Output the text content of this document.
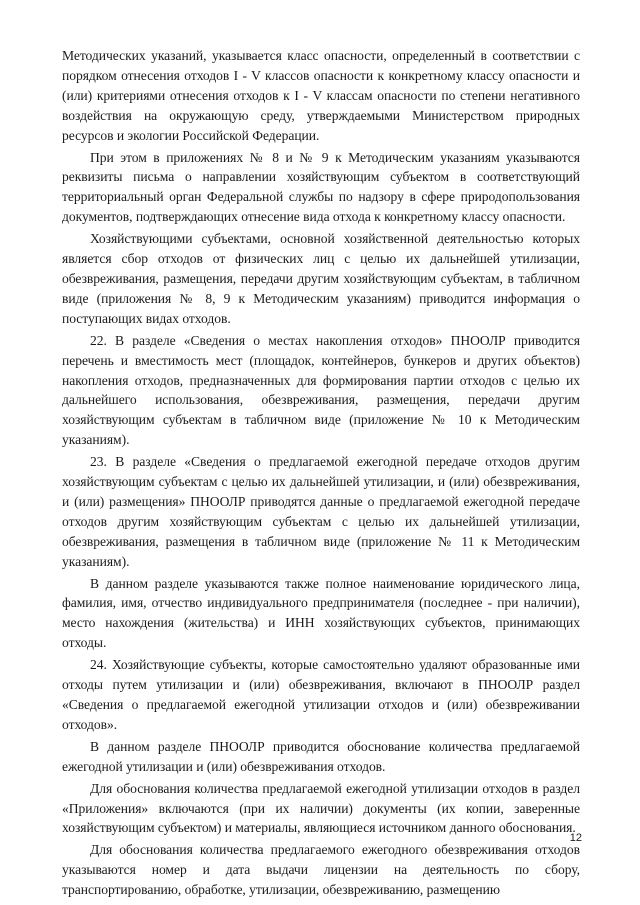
Методических указаний, указывается класс опасности, определенный в соответствии с порядком отнесения отходов I - V классов опасности к конкретному классу опасности и (или) критериями отнесения отходов к I - V классам опасности по степени негативного воздействия на окружающую среду, утверждаемыми Министерством природных ресурсов и экологии Российской Федерации.

При этом в приложениях № 8 и № 9 к Методическим указаниям указываются реквизиты письма о направлении хозяйствующим субъектом в соответствующий территориальный орган Федеральной службы по надзору в сфере природопользования документов, подтверждающих отнесение вида отхода к конкретному классу опасности.

Хозяйствующими субъектами, основной хозяйственной деятельностью которых является сбор отходов от физических лиц с целью их дальнейшей утилизации, обезвреживания, размещения, передачи другим хозяйствующим субъектам, в табличном виде (приложения № 8, 9 к Методическим указаниям) приводится информация о поступающих видах отходов.

22. В разделе «Сведения о местах накопления отходов» ПНООЛР приводится перечень и вместимость мест (площадок, контейнеров, бункеров и других объектов) накопления отходов, предназначенных для формирования партии отходов с целью их дальнейшего использования, обезвреживания, размещения, передачи другим хозяйствующим субъектам в табличном виде (приложение № 10 к Методическим указаниям).

23. В разделе «Сведения о предлагаемой ежегодной передаче отходов другим хозяйствующим субъектам с целью их дальнейшей утилизации, и (или) обезвреживания, и (или) размещения» ПНООЛР приводятся данные о предлагаемой ежегодной передаче отходов другим хозяйствующим субъектам с целью их дальнейшей утилизации, обезвреживания, размещения в табличном виде (приложение № 11 к Методическим указаниям).

В данном разделе указываются также полное наименование юридического лица, фамилия, имя, отчество индивидуального предпринимателя (последнее - при наличии), место нахождения (жительства) и ИНН хозяйствующих субъектов, принимающих отходы.

24. Хозяйствующие субъекты, которые самостоятельно удаляют образованные ими отходы путем утилизации и (или) обезвреживания, включают в ПНООЛР раздел «Сведения о предлагаемой ежегодной утилизации отходов и (или) обезвреживании отходов».

В данном разделе ПНООЛР приводится обоснование количества предлагаемой ежегодной утилизации и (или) обезвреживания отходов.

Для обоснования количества предлагаемой ежегодной утилизации отходов в раздел «Приложения» включаются (при их наличии) документы (их копии, заверенные хозяйствующим субъектом) и материалы, являющиеся источником данного обоснования.

Для обоснования количества предлагаемого ежегодного обезвреживания отходов указываются номер и дата выдачи лицензии на деятельность по сбору, транспортированию, обработке, утилизации, обезвреживанию, размещению

12
